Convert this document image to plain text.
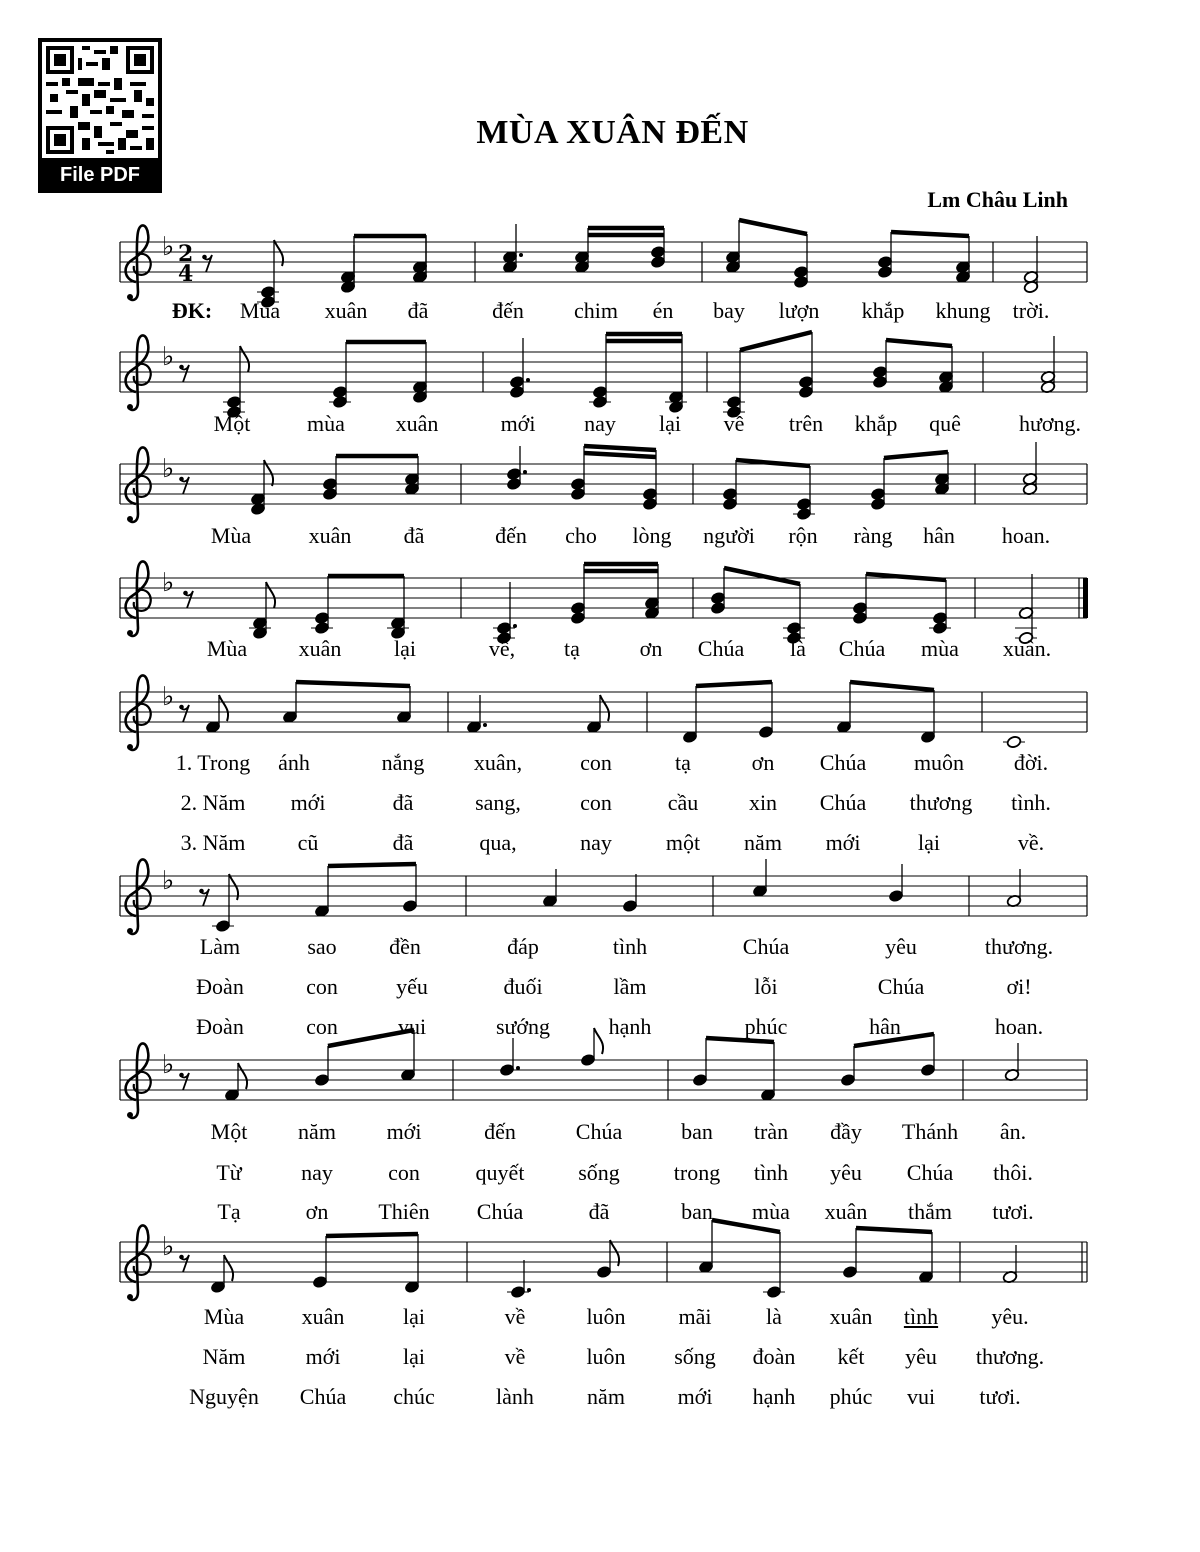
File PDF
MÙA XUÂN ĐẾN
Lm Châu Linh
♭ 2
4
♭
♭
♭
♭
♭
♭
♭
ĐK: Mùa xuân đã	đến chim én bay lượn khắp khung trời.
Một	mùa xuân	mới nay lại về trên khắp quê	hương.
Mùa	xuân đã	đến cho lòng người rộn ràng hân hoan.
Mùa xuân lại	về, tạ	ơn Chúa là Chúa mùa xuân.
1. Trong ánh	nắng xuân,	con	tạ	ơn Chúa muôn đời.
2. Năm mới	đã	sang,	con	cầu xin Chúa thương tình.
3. Năm cũ	đã	qua,	nay một năm mới	lại	về.
Làm	sao đền	đáp	tình	Chúa	yêu	thương.
Đoàn	con	yếu	đuối	lầm	lỗi	Chúa	ơi!
Đoàn	con	vui	sướng	hạnh	phúc	hân	hoan.
Một năm mới	đến	Chúa	ban tràn đầy Thánh ân.
Từ	nay	con	quyết sống trong tình yêu Chúa thôi.
Tạ	ơn Thiên Chúa	đã	ban mùa xuân thắm tươi.
Mùa	xuân	lại	về	luôn mãi là xuân tình yêu.
Năm	mới	lại	về	luôn sống đoàn kết yêu thương.
Nguyện Chúa chúc	lành năm mới hạnh phúc vui tươi.
